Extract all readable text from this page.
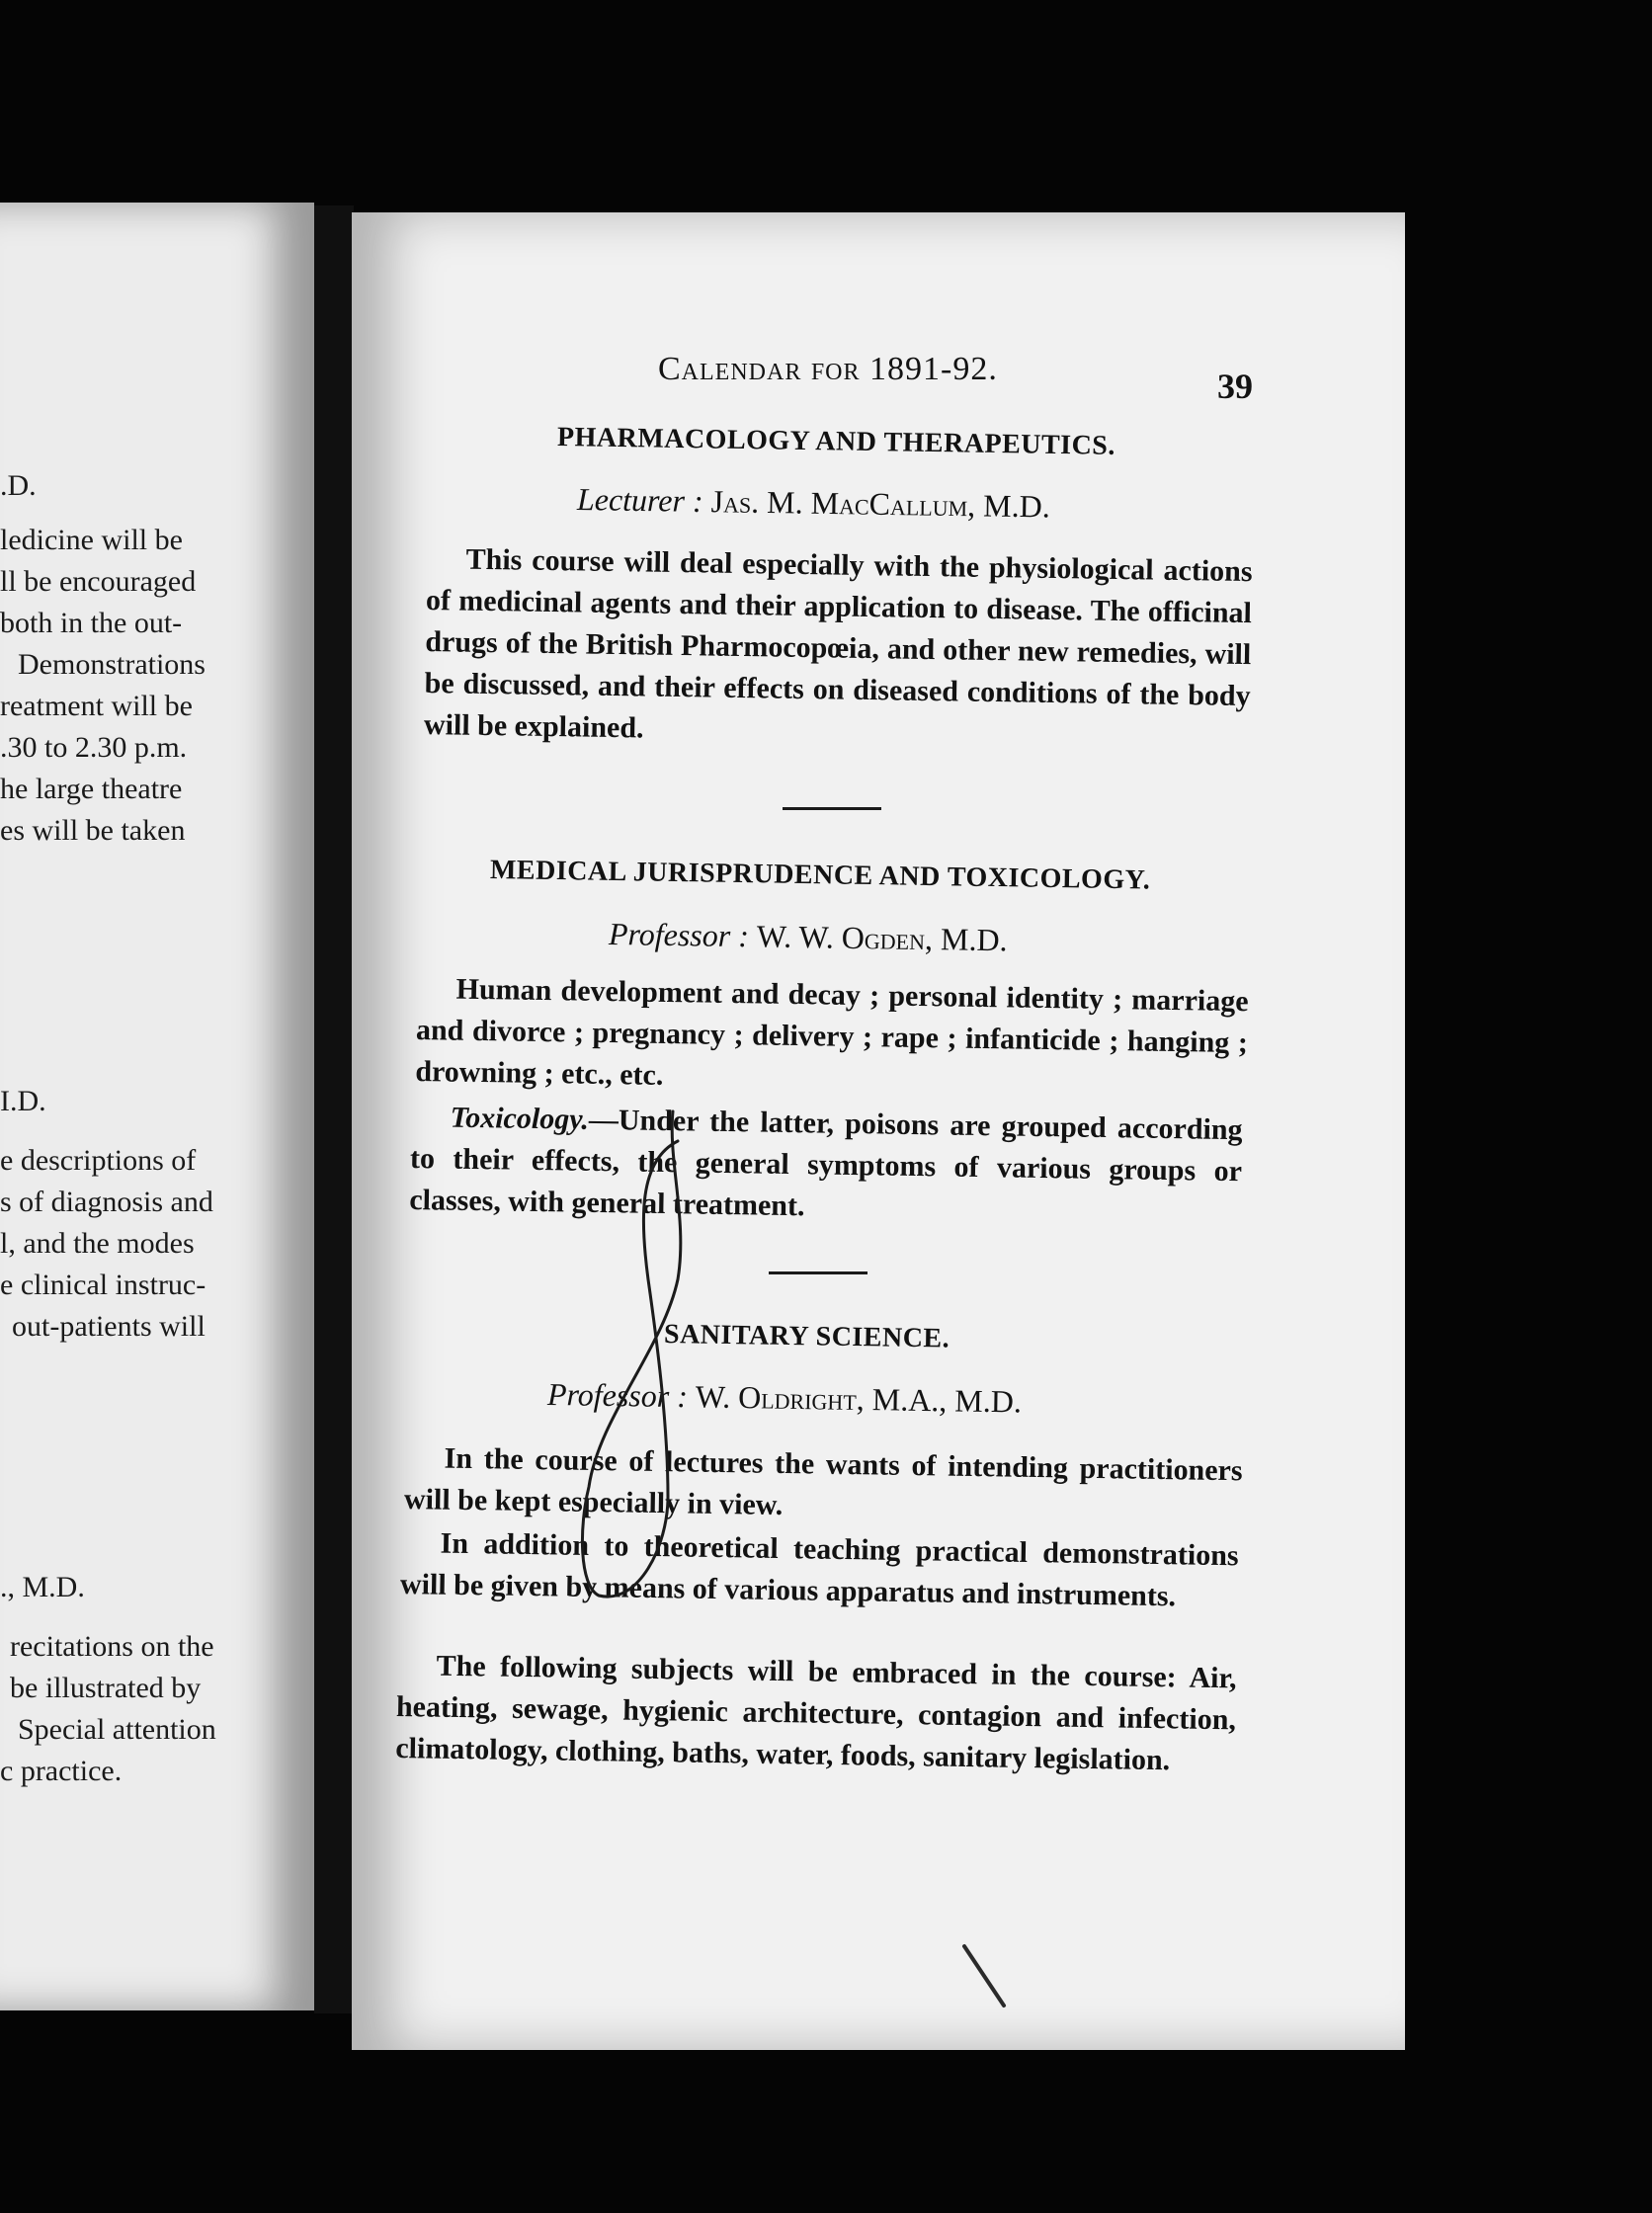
.D.
ledicine will be
ll be encouraged
both in the out-
Demonstrations
reatment will be
.30 to 2.30 p.m.
he large theatre
es will be taken
I.D.
e descriptions of
s of diagnosis and
l, and the modes
e clinical instruc-
out-patients will
., M.D.
recitations on the
be illustrated by
Special attention
c practice.
Calendar for 1891-92.	39
PHARMACOLOGY AND THERAPEUTICS.
Lecturer : Jas. M. MacCallum, M.D.
This course will deal especially with the physiological actions of medicinal agents and their application to disease. The officinal drugs of the British Pharmocopœia, and other new remedies, will be discussed, and their effects on diseased conditions of the body will be explained.
MEDICAL JURISPRUDENCE AND TOXICOLOGY.
Professor : W. W. Ogden, M.D.
Human development and decay ; personal identity ; marriage and divorce ; pregnancy ; delivery ; rape ; infanticide ; hanging ; drowning ; etc., etc.
Toxicology.—Under the latter, poisons are grouped according to their effects, the general symptoms of various groups or classes, with general treatment.
SANITARY SCIENCE.
Professor : W. Oldright, M.A., M.D.
In the course of lectures the wants of intending practitioners will be kept especially in view.
In addition to theoretical teaching practical demonstrations will be given by means of various apparatus and instruments.
The following subjects will be embraced in the course: Air, heating, sewage, hygienic architecture, contagion and infection, climatology, clothing, baths, water, foods, sanitary legislation.
